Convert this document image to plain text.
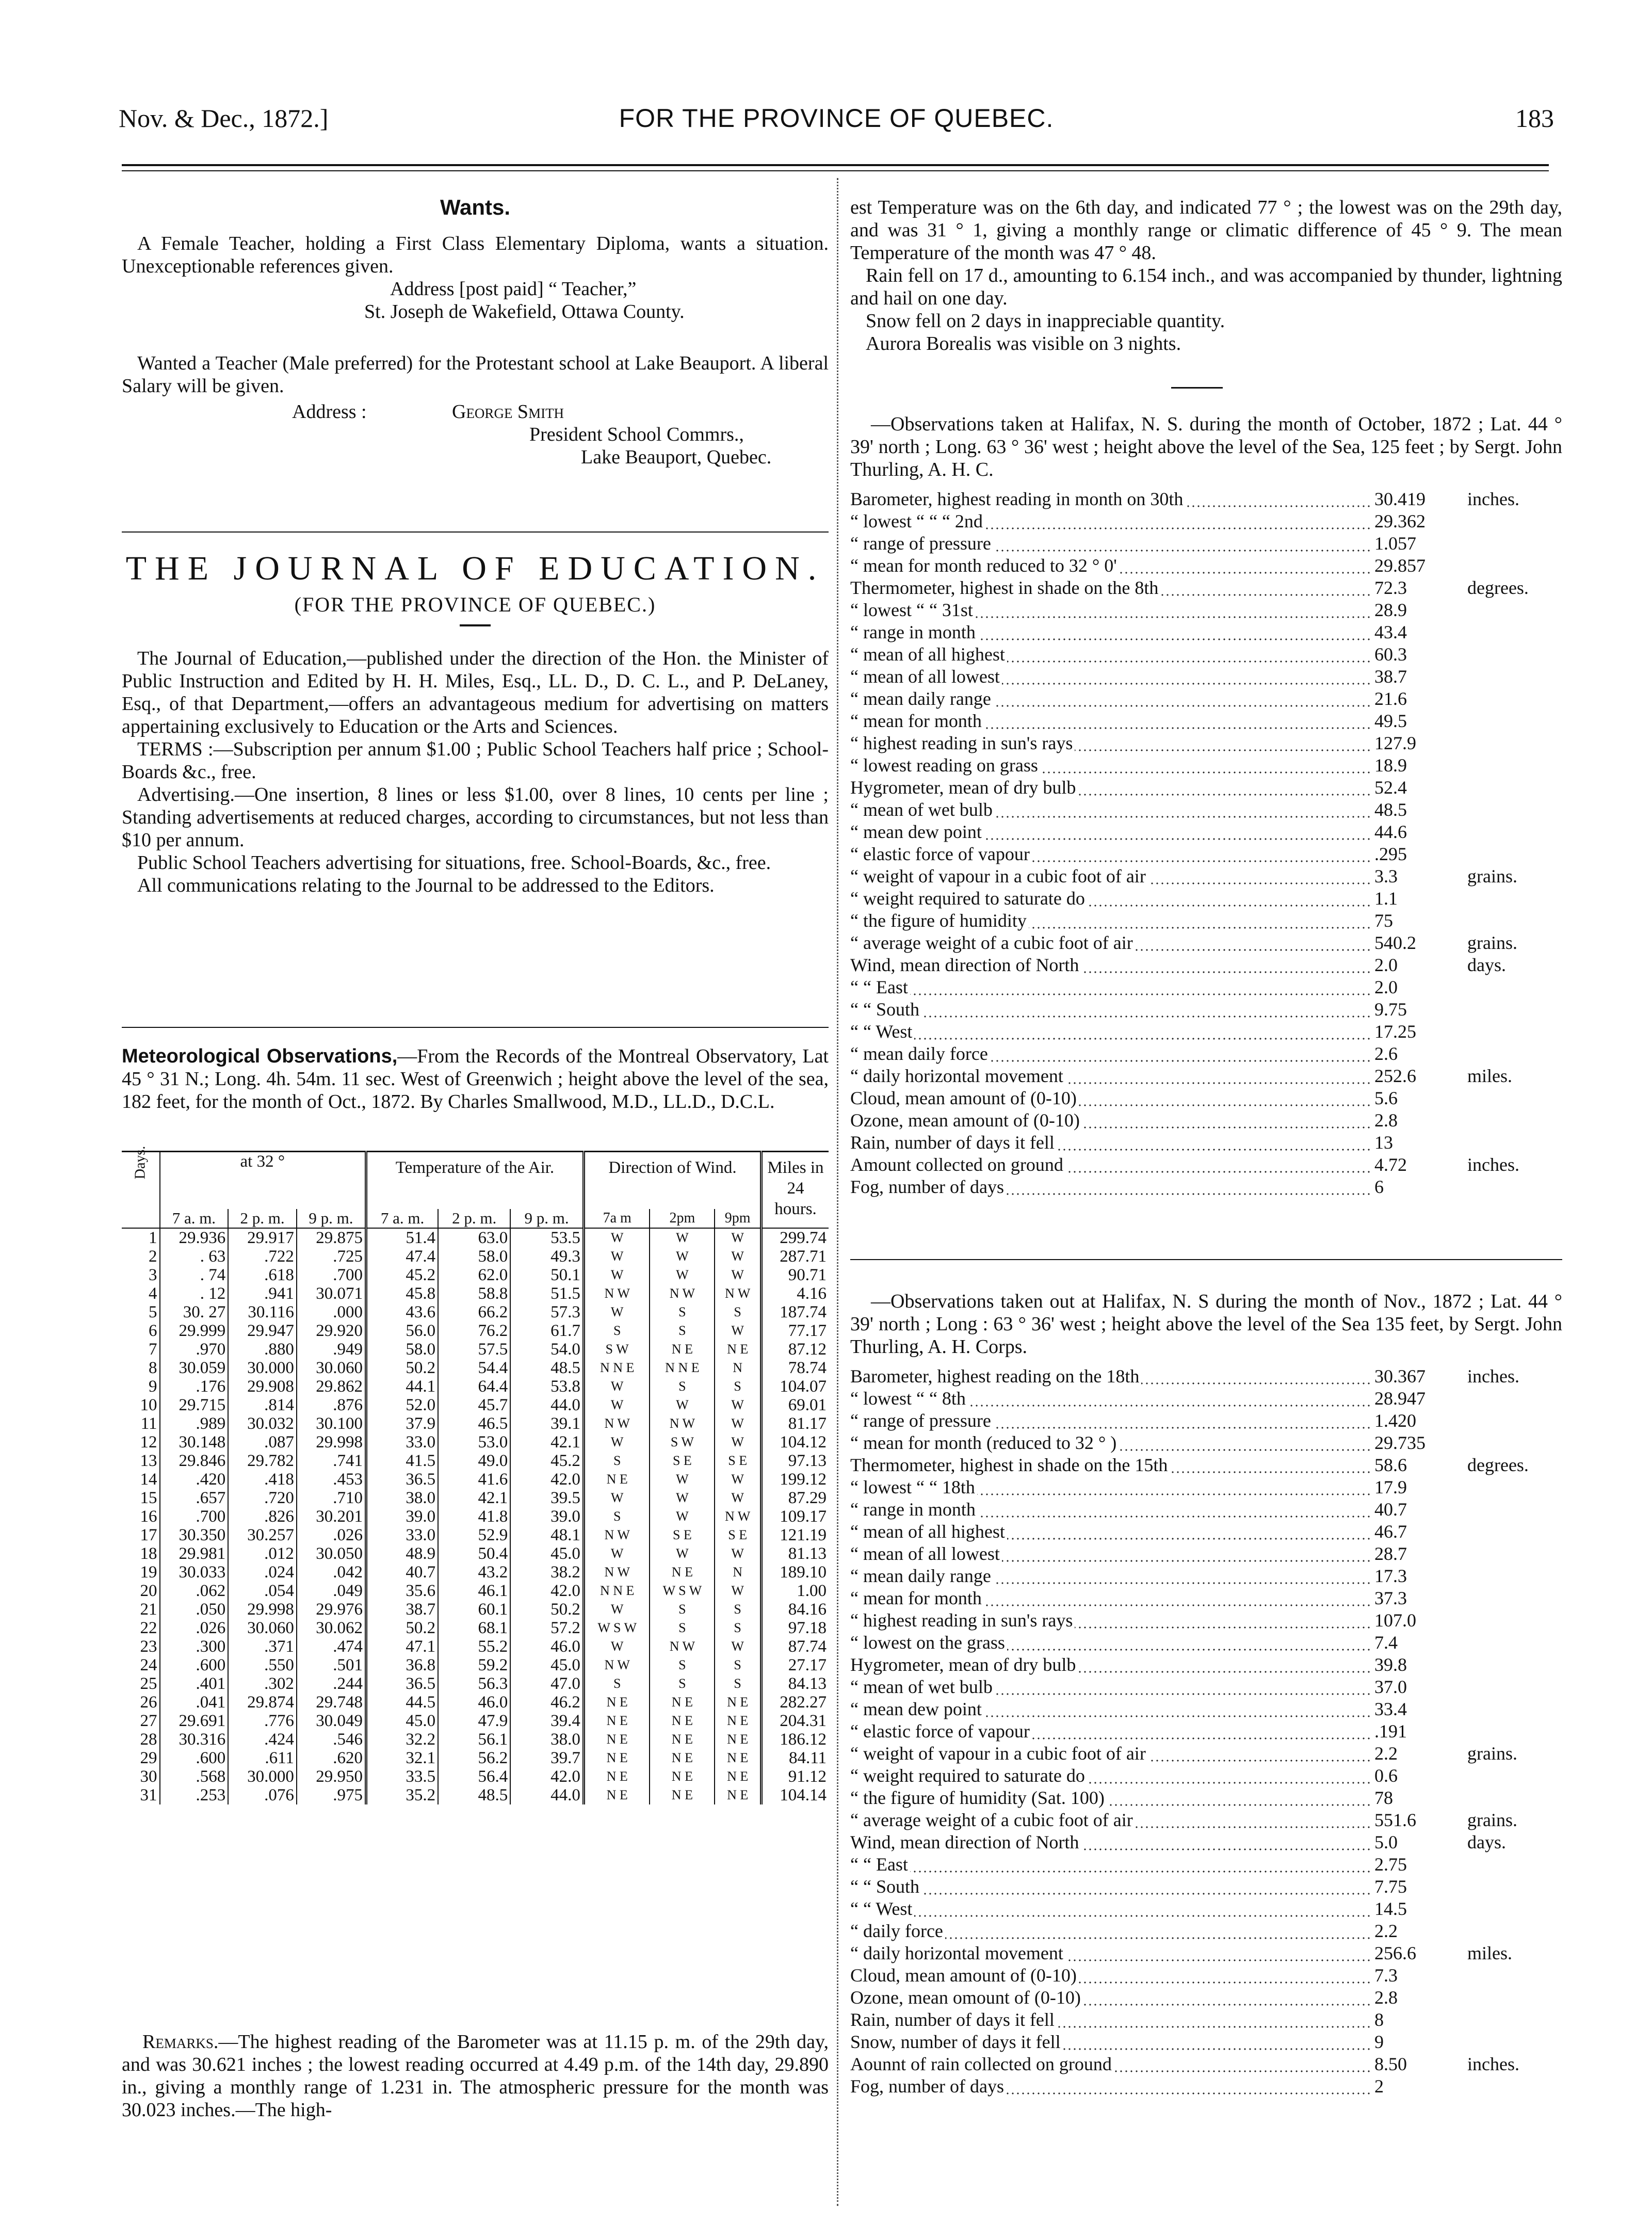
Nov. & Dec., 1872.]	FOR THE PROVINCE OF QUEBEC.	183
Wants.

A Female Teacher, holding a First Class Elementary Diploma, wants a situation. Unexceptionable references given.

Address [post paid] “ Teacher,”
St. Joseph de Wakefield, Ottawa County.

Wanted a Teacher (Male preferred) for the Protestant school at Lake Beauport. A liberal Salary will be given.

Address :	George Smith
President School Commrs.,
Lake Beauport, Quebec.
THE JOURNAL OF EDUCATION.
(FOR THE PROVINCE OF QUEBEC.)

The Journal of Education,—published under the direction of the Hon. the Minister of Public Instruction and Edited by H. H. Miles, Esq., LL. D., D. C. L., and P. DeLaney, Esq., of that Department,—offers an advantageous medium for advertising on matters appertaining exclusively to Education or the Arts and Sciences.

TERMS :—Subscription per annum $1.00 ; Public School Teachers half price ; School-Boards &c., free.

Advertising.—One insertion, 8 lines or less $1.00, over 8 lines, 10 cents per line ; Standing advertisements at reduced charges, according to circumstances, but not less than $10 per annum.

Public School Teachers advertising for situations, free. School-Boards, &c., free.

All communications relating to the Journal to be addressed to the Editors.

Meteorological Observations,—From the Records of the Montreal Observatory, Lat 45 ° 31 N.; Long. 4h. 54m. 11 sec. West of Greenwich ; height above the level of the sea, 182 feet, for the month of Oct., 1872. By Charles Smallwood, M.D., LL.D., D.C.L.

Days.	at 32 °			Temperature of the Air.			Direction of Wind.			Miles in 24 hours.
	7 a. m.	2 p. m.	9 p. m.	7 a. m.	2 p. m.	9 p. m.	7a m	2pm	9pm	
1	29.936	29.917	29.875	51.4	63.0	53.5	W	W	W	299.74
2	. 63	.722	.725	47.4	58.0	49.3	W	W	W	287.71
3	. 74	.618	.700	45.2	62.0	50.1	W	W	W	90.71
4	. 12	.941	30.071	45.8	58.8	51.5	N W	N W	N W	4.16
5	30. 27	30.116	.000	43.6	66.2	57.3	W	S	S	187.74
6	29.999	29.947	29.920	56.0	76.2	61.7	S	S	W	77.17
7	.970	.880	.949	58.0	57.5	54.0	S W	N E	N E	87.12
8	30.059	30.000	30.060	50.2	54.4	48.5	N N E	N N E	N	78.74
9	.176	29.908	29.862	44.1	64.4	53.8	W	S	S	104.07
10	29.715	.814	.876	52.0	45.7	44.0	W	W	W	69.01
11	.989	30.032	30.100	37.9	46.5	39.1	N W	N W	W	81.17
12	30.148	.087	29.998	33.0	53.0	42.1	W	S W	W	104.12
13	29.846	29.782	.741	41.5	49.0	45.2	S	S E	S E	97.13
14	.420	.418	.453	36.5	41.6	42.0	N E	W	W	199.12
15	.657	.720	.710	38.0	42.1	39.5	W	W	W	87.29
16	.700	.826	30.201	39.0	41.8	39.0	S	W	N W	109.17
17	30.350	30.257	.026	33.0	52.9	48.1	N W	S E	S E	121.19
18	29.981	.012	30.050	48.9	50.4	45.0	W	W	W	81.13
19	30.033	.024	.042	40.7	43.2	38.2	N W	N E	N	189.10
20	.062	.054	.049	35.6	46.1	42.0	N N E	W S W	W	1.00
21	.050	29.998	29.976	38.7	60.1	50.2	W	S	S	84.16
22	.026	30.060	30.062	50.2	68.1	57.2	W S W	S	S	97.18
23	.300	.371	.474	47.1	55.2	46.0	W	N W	W	87.74
24	.600	.550	.501	36.8	59.2	45.0	N W	S	S	27.17
25	.401	.302	.244	36.5	56.3	47.0	S	S	S	84.13
26	.041	29.874	29.748	44.5	46.0	46.2	N E	N E	N E	282.27
27	29.691	.776	30.049	45.0	47.9	39.4	N E	N E	N E	204.31
28	30.316	.424	.546	32.2	56.1	38.0	N E	N E	N E	186.12
29	.600	.611	.620	32.1	56.2	39.7	N E	N E	N E	84.11
30	.568	30.000	29.950	33.5	56.4	42.0	N E	N E	N E	91.12
31	.253	.076	.975	35.2	48.5	44.0	N E	N E	N E	104.14

Remarks.—The highest reading of the Barometer was at 11.15 p. m. of the 29th day, and was 30.621 inches ; the lowest reading occurred at 4.49 p.m. of the 14th day, 29.890 in., giving a monthly range of 1.231 in. The atmospheric pressure for the month was 30.023 inches.—The high-

est Temperature was on the 6th day, and indicated 77 ° ; the lowest was on the 29th day, and was 31 ° 1, giving a monthly range or climatic difference of 45 ° 9. The mean Temperature of the month was 47 ° 48.

Rain fell on 17 d., amounting to 6.154 inch., and was accompanied by thunder, lightning and hail on one day.

Snow fell on 2 days in inappreciable quantity.

Aurora Borealis was visible on 3 nights.

—Observations taken at Halifax, N. S. during the month of October, 1872 ; Lat. 44 ° 39' north ; Long. 63 ° 36' west ; height above the level of the Sea, 125 feet ; by Sergt. John Thurling, A. H. C.

Barometer, highest reading in month on 30th	30.419	inches.
“ lowest “ “ “ 2nd	29.362	
“ range of pressure	1.057	
“ mean for month reduced to 32 ° 0'	29.857	
Thermometer, highest in shade on the 8th	72.3	degrees.
“ lowest “ “ 31st	28.9	
“ range in month	43.4	
“ mean of all highest	60.3	
“ mean of all lowest	38.7	
“ mean daily range	21.6	
“ mean for month	49.5	
“ highest reading in sun's rays	127.9	
“ lowest reading on grass	18.9	
Hygrometer, mean of dry bulb	52.4	
“ mean of wet bulb	48.5	
“ mean dew point	44.6	
“ elastic force of vapour	.295	
“ weight of vapour in a cubic foot of air	3.3	grains.
“ weight required to saturate do	1.1	
“ the figure of humidity	75	
“ average weight of a cubic foot of air	540.2	grains.
Wind, mean direction of North	2.0	days.
“ “ East	2.0	
“ “ South	9.75	
“ “ West	17.25	
“ mean daily force	2.6	
“ daily horizontal movement	252.6	miles.
Cloud, mean amount of (0-10)	5.6	
Ozone, mean amount of (0-10)	2.8	
Rain, number of days it fell	13	
Amount collected on ground	4.72	inches.
Fog, number of days	6	

—Observations taken out at Halifax, N. S during the month of Nov., 1872 ; Lat. 44 ° 39' north ; Long : 63 ° 36' west ; height above the level of the Sea 135 feet, by Sergt. John Thurling, A. H. Corps.

Barometer, highest reading on the 18th	30.367	inches.
“ lowest “ “ 8th	28.947	
“ range of pressure	1.420	
“ mean for month (reduced to 32 ° )	29.735	
Thermometer, highest in shade on the 15th	58.6	degrees.
“ lowest “ “ 18th	17.9	
“ range in month	40.7	
“ mean of all highest	46.7	
“ mean of all lowest	28.7	
“ mean daily range	17.3	
“ mean for month	37.3	
“ highest reading in sun's rays	107.0	
“ lowest on the grass	7.4	
Hygrometer, mean of dry bulb	39.8	
“ mean of wet bulb	37.0	
“ mean dew point	33.4	
“ elastic force of vapour	.191	
“ weight of vapour in a cubic foot of air	2.2	grains.
“ weight required to saturate do	0.6	
“ the figure of humidity (Sat. 100)	78	
“ average weight of a cubic foot of air	551.6	grains.
Wind, mean direction of North	5.0	days.
“ “ East	2.75	
“ “ South	7.75	
“ “ West	14.5	
“ daily force	2.2	
“ daily horizontal movement	256.6	miles.
Cloud, mean amount of (0-10)	7.3	
Ozone, mean omount of (0-10)	2.8	
Rain, number of days it fell	8	
Snow, number of days it fell	9	
Aounnt of rain collected on ground	8.50	inches.
Fog, number of days	2	
